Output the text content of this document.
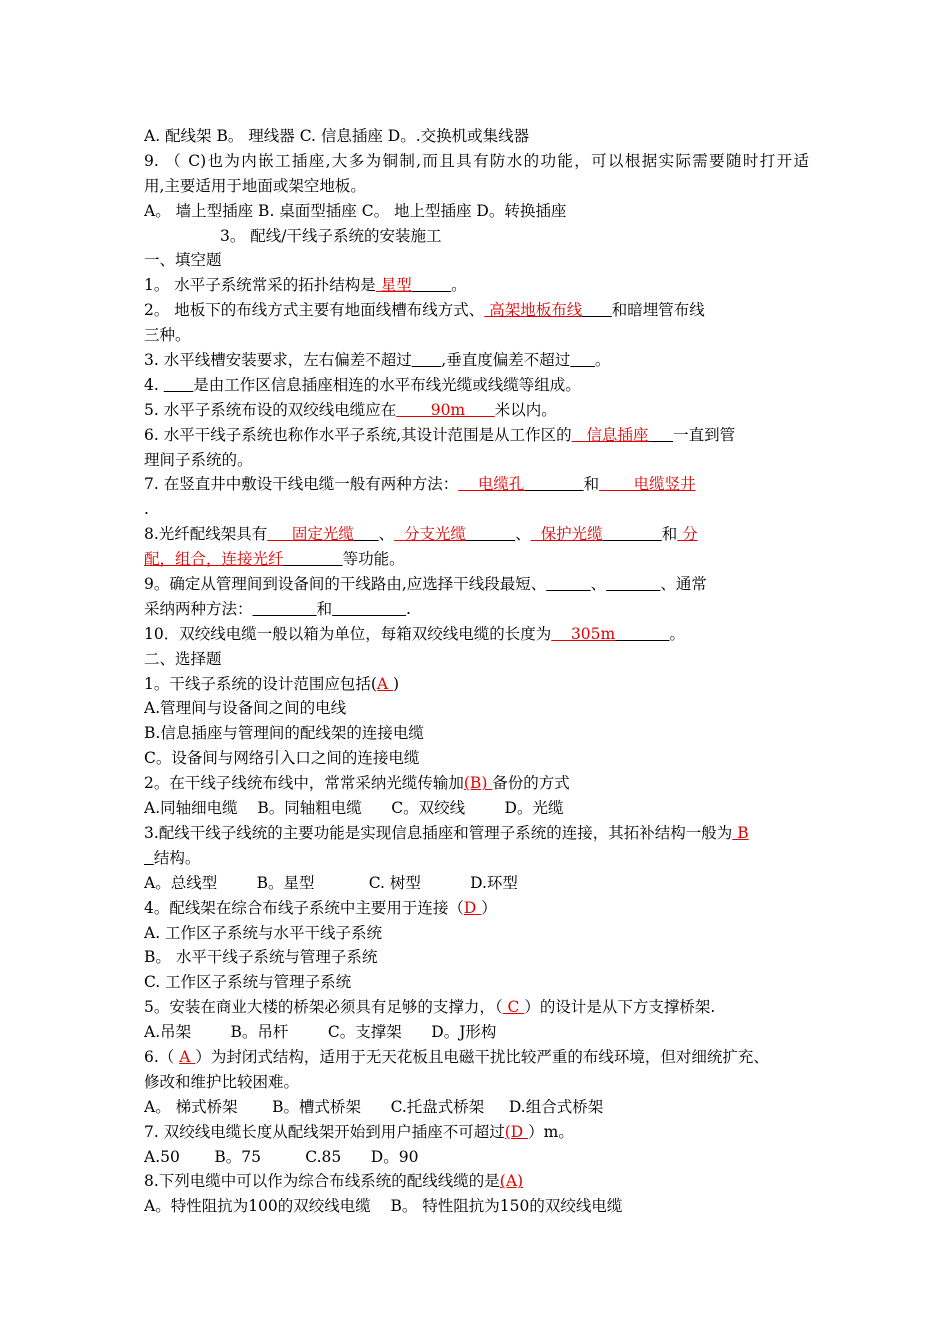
A. 配线架 B。 理线器 C. 信息插座 D。.交换机或集线器
9. （ C)也为内嵌工插座,大多为铜制,而且具有防水的功能，可以根据实际需要随时打开适
用,主要适用于地面或架空地板。
A。 墙上型插座 B. 桌面型插座 C。 地上型插座 D。转换插座
3。 配线/干线子系统的安装施工
一、填空题
1。 水平子系统常采的拓扑结构是 星型	。
2。 地板下的布线方式主要有地面线槽布线方式、 高架地板布线 和暗埋管布线
三种。
3. 水平线槽安装要求，左右偏差不超过 ,垂直度偏差不超过 。
4.       是由工作区信息插座相连的水平布线光缆或线缆等组成。
5. 水平子系统布设的双绞线电缆应在       90m      米以内。
6. 水平干线子系统也称作水平子系统,其设计范围是从工作区的   信息插座 一直到管
理间子系统的。
7. 在竖直井中敷设干线电缆一般有两种方法：    电缆孔	和       电缆竖井
.
8.光纤配线架具有     固定光缆 、  分支光缆	、  保护光缆	和 分
配，组合，连接光纤	等功能。
9。确定从管理间到设备间的干线路由,应选择干线段最短、	、	、通常
采纳两种方法：	和	.
10．双绞线电缆一般以箱为单位，每箱双绞线电缆的长度为    305m	。
二、选择题
1。干线子系统的设计范围应包括(A )
A.管理间与设备间之间的电线
B.信息插座与管理间的配线架的连接电缆
C。设备间与网络引入口之间的连接电缆
2。在干线子线统布线中，常常采纳光缆传输加(B) 备份的方式
A.同轴细电缆    B。同轴粗电缆      C。双绞线        D。光缆
3.配线干线子线统的主要功能是实现信息插座和管理子系统的连接，其拓补结构一般为 B
结构。
A。总线型        B。星型           C. 树型          D.环型
4。配线架在综合布线子系统中主要用于连接（D ）
A. 工作区子系统与水平干线子系统
B。 水平干线子系统与管理子系统
C. 工作区子系统与管理子系统
5。安装在商业大楼的桥架必须具有足够的支撑力，（ C ）的设计是从下方支撑桥架.
A.吊架        B。吊杆        C。支撑架      D。J形构
6.（ A ）为封闭式结构，适用于无天花板且电磁干扰比较严重的布线环境，但对细统扩充、
修改和维护比较困难。
A。 梯式桥架       B。槽式桥架      C.托盘式桥架     D.组合式桥架
7. 双绞线电缆长度从配线架开始到用户插座不可超过(D ）m。
A.50       B。75         C.85      D。90
8.下列电缆中可以作为综合布线系统的配线线缆的是(A)
A。特性阻抗为100的双绞线电缆    B。 特性阻抗为150的双绞线电缆
